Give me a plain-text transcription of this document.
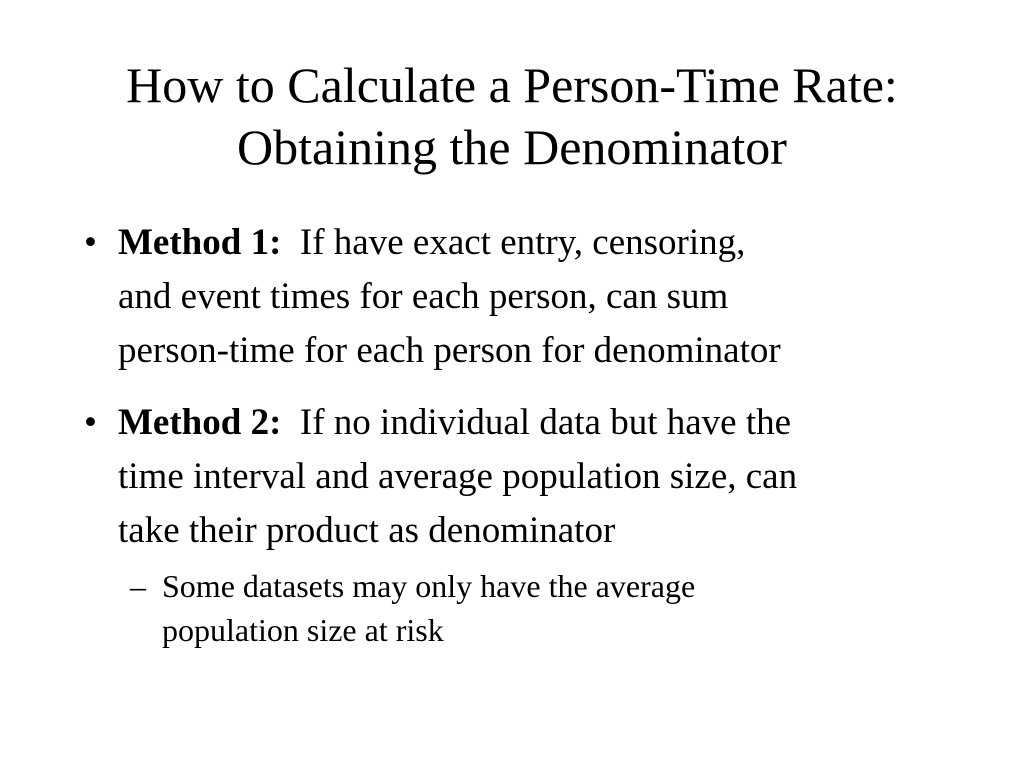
How to Calculate a Person-Time Rate:
Obtaining the Denominator
• Method 1: If have exact entry, censoring,
and event times for each person, can sum
person-time for each person for denominator
• Method 2: If no individual data but have the
time interval and average population size, can
take their product as denominator
– Some datasets may only have the average
population size at risk
